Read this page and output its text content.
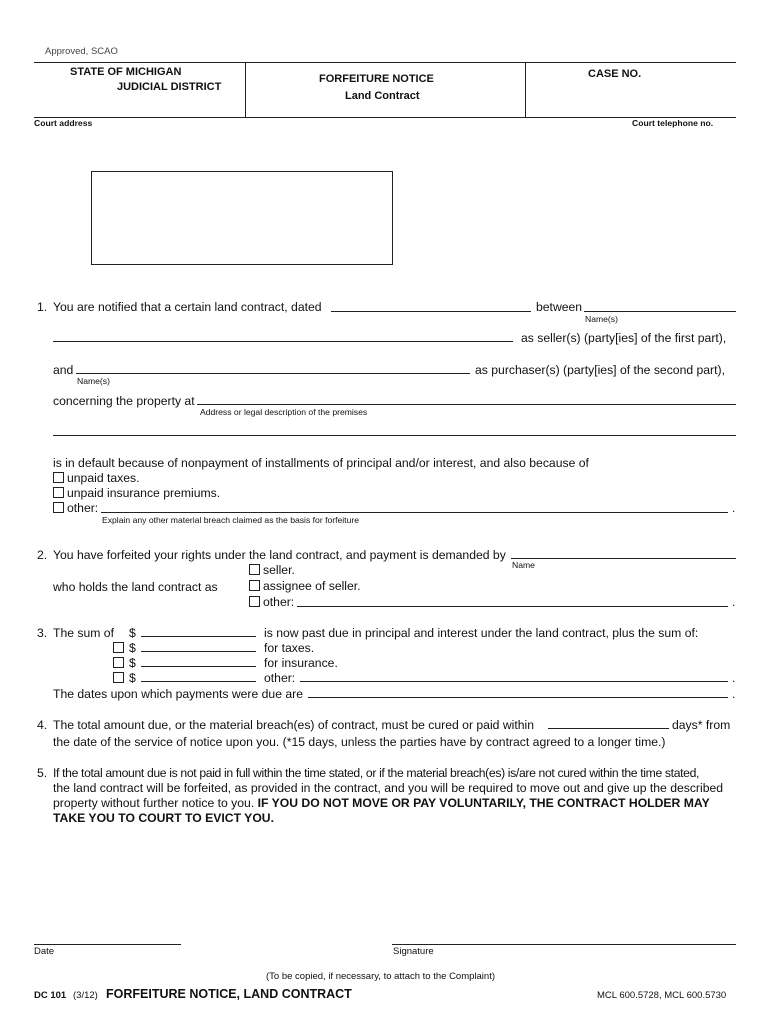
Approved, SCAO
STATE OF MICHIGAN
JUDICIAL DISTRICT
FORFEITURE NOTICE
Land Contract
CASE NO.
Court address	Court telephone no.
1. You are notified that a certain land contract, dated	between
Name(s)
as seller(s) (party[ies] of the first part),
and	as purchaser(s) (party[ies] of the second part),
Name(s)
concerning the property at
Address or legal description of the premises
is in default because of nonpayment of installments of principal and/or interest, and also because of
unpaid taxes.
unpaid insurance premiums.
other:	.
Explain any other material breach claimed as the basis for forfeiture
2. You have forfeited your rights under the land contract, and payment is demanded by
Name
seller.
who holds the land contract as	assignee of seller.
other:	.
3. The sum of $	is now past due in principal and interest under the land contract, plus the sum of:
$	for taxes.
$	for insurance.
$	other:	.
The dates upon which payments were due are	.
4. The total amount due, or the material breach(es) of contract, must be cured or paid within	days* from
the date of the service of notice upon you. (*15 days, unless the parties have by contract agreed to a longer time.)
5. If the total amount due is not paid in full within the time stated, or if the material breach(es) is/are not cured within the time stated,
the land contract will be forfeited, as provided in the contract, and you will be required to move out and give up the described
property without further notice to you. IF YOU DO NOT MOVE OR PAY VOLUNTARILY, THE CONTRACT HOLDER MAY
TAKE YOU TO COURT TO EVICT YOU.
Date	Signature
(To be copied, if necessary, to attach to the Complaint)
DC 101 (3/12) FORFEITURE NOTICE, LAND CONTRACT	MCL 600.5728, MCL 600.5730
